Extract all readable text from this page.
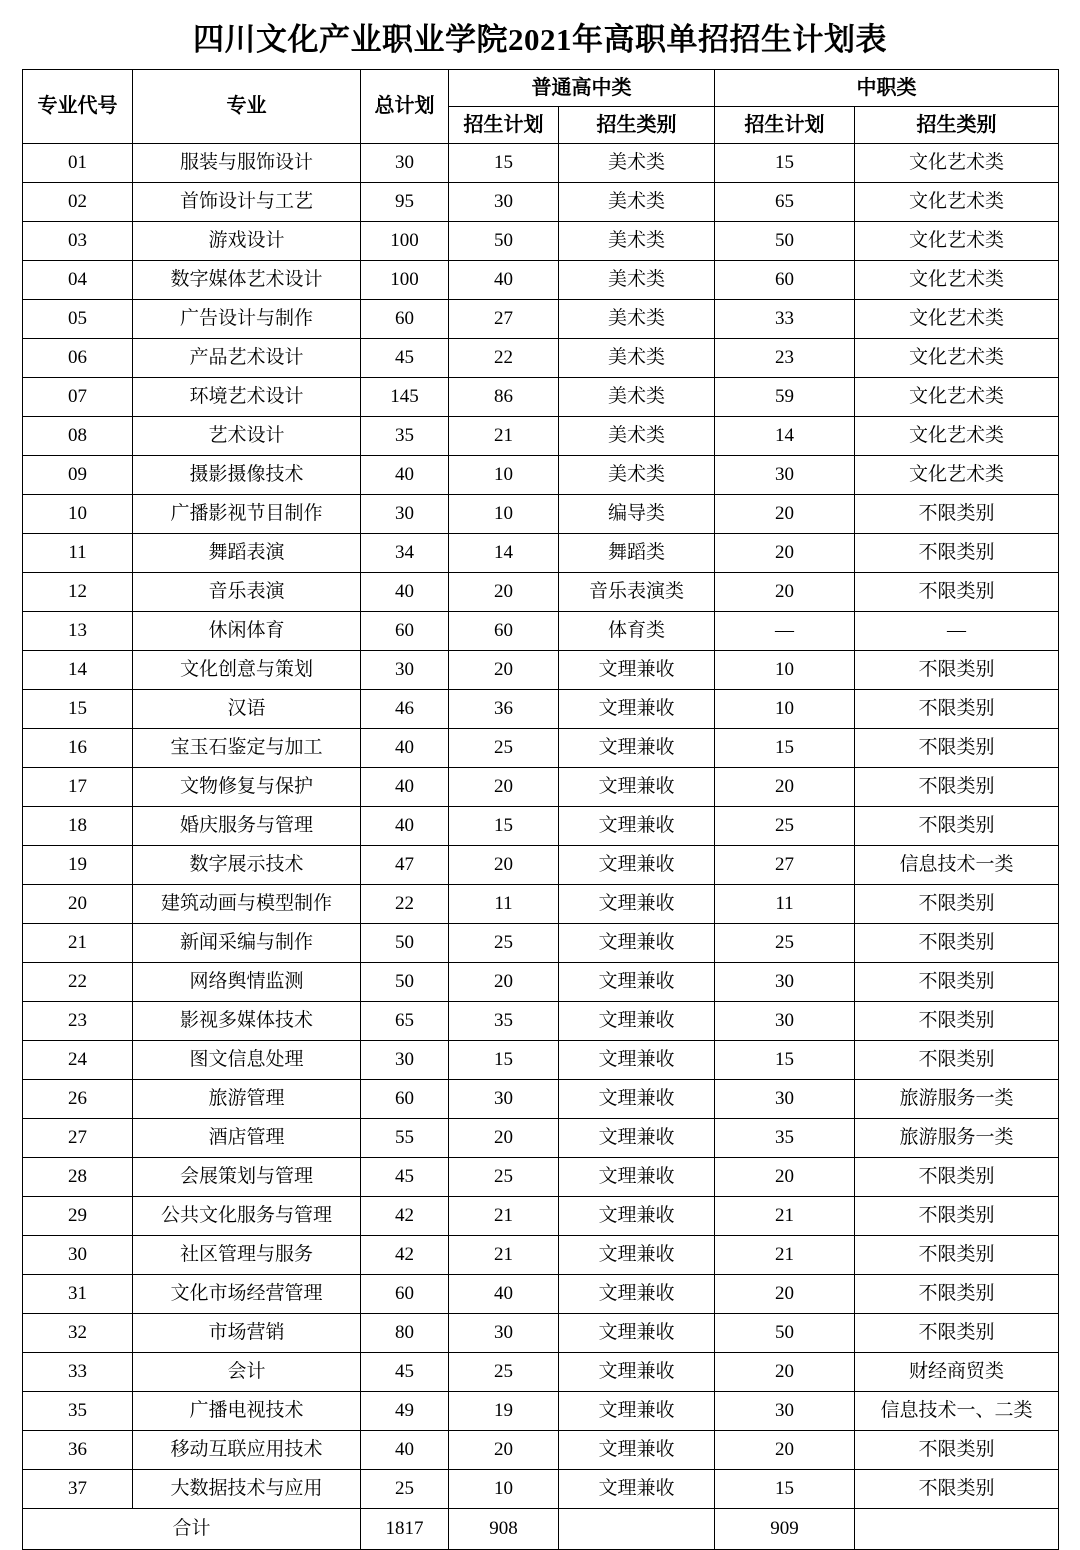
四川文化产业职业学院2021年高职单招招生计划表
专业代号	专业	总计划	普通高中类		中职类	
			招生计划	招生类别	招生计划	招生类别
01	服装与服饰设计	30	15	美术类	15	文化艺术类
02	首饰设计与工艺	95	30	美术类	65	文化艺术类
03	游戏设计	100	50	美术类	50	文化艺术类
04	数字媒体艺术设计	100	40	美术类	60	文化艺术类
05	广告设计与制作	60	27	美术类	33	文化艺术类
06	产品艺术设计	45	22	美术类	23	文化艺术类
07	环境艺术设计	145	86	美术类	59	文化艺术类
08	艺术设计	35	21	美术类	14	文化艺术类
09	摄影摄像技术	40	10	美术类	30	文化艺术类
10	广播影视节目制作	30	10	编导类	20	不限类别
11	舞蹈表演	34	14	舞蹈类	20	不限类别
12	音乐表演	40	20	音乐表演类	20	不限类别
13	休闲体育	60	60	体育类	—	—
14	文化创意与策划	30	20	文理兼收	10	不限类别
15	汉语	46	36	文理兼收	10	不限类别
16	宝玉石鉴定与加工	40	25	文理兼收	15	不限类别
17	文物修复与保护	40	20	文理兼收	20	不限类别
18	婚庆服务与管理	40	15	文理兼收	25	不限类别
19	数字展示技术	47	20	文理兼收	27	信息技术一类
20	建筑动画与模型制作	22	11	文理兼收	11	不限类别
21	新闻采编与制作	50	25	文理兼收	25	不限类别
22	网络舆情监测	50	20	文理兼收	30	不限类别
23	影视多媒体技术	65	35	文理兼收	30	不限类别
24	图文信息处理	30	15	文理兼收	15	不限类别
26	旅游管理	60	30	文理兼收	30	旅游服务一类
27	酒店管理	55	20	文理兼收	35	旅游服务一类
28	会展策划与管理	45	25	文理兼收	20	不限类别
29	公共文化服务与管理	42	21	文理兼收	21	不限类别
30	社区管理与服务	42	21	文理兼收	21	不限类别
31	文化市场经营管理	60	40	文理兼收	20	不限类别
32	市场营销	80	30	文理兼收	50	不限类别
33	会计	45	25	文理兼收	20	财经商贸类
35	广播电视技术	49	19	文理兼收	30	信息技术一、二类
36	移动互联应用技术	40	20	文理兼收	20	不限类别
37	大数据技术与应用	25	10	文理兼收	15	不限类别
合计		1817	908		909	
